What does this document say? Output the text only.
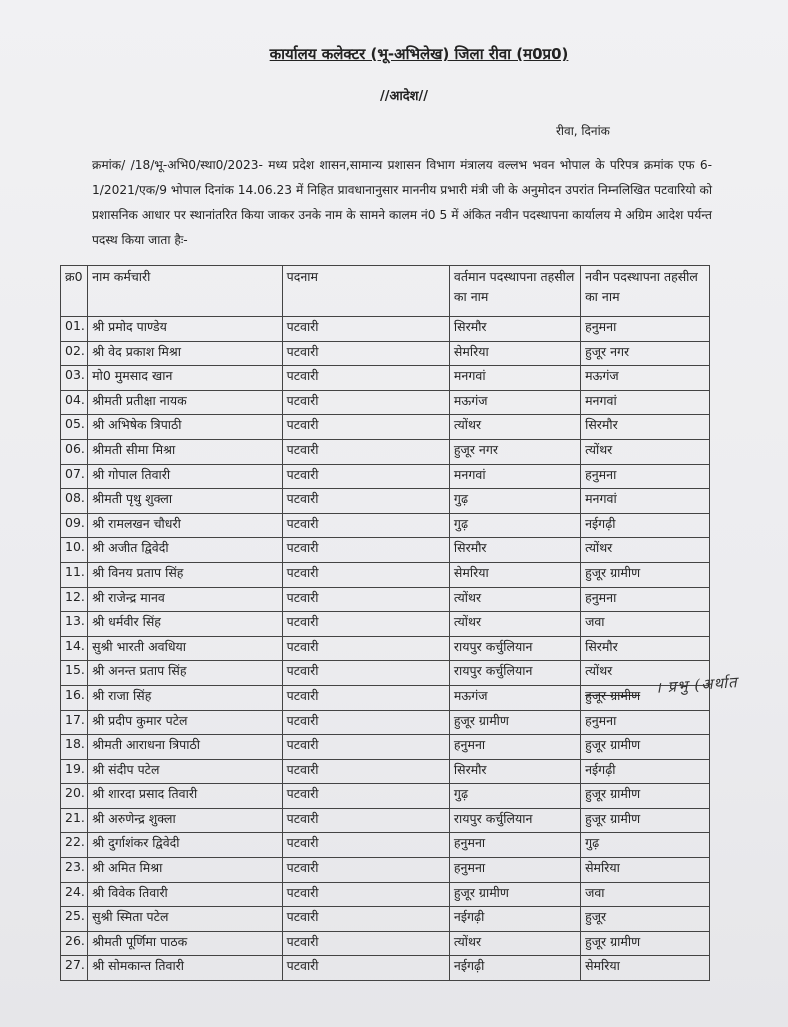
कार्यालय कलेक्टर (भू-अभिलेख) जिला रीवा (म0प्र0)
//आदेश//
रीवा, दिनांक
क्रमांक/ /18/भू-अभि0/स्था0/2023- मध्य प्रदेश शासन,सामान्य प्रशासन विभाग मंत्रालय वल्लभ भवन भोपाल के परिपत्र क्रमांक एफ 6-1/2021/एक/9 भोपाल दिनांक 14.06.23 में निहित प्रावधानानुसार माननीय प्रभारी मंत्री जी के अनुमोदन उपरांत निम्नलिखित पटवारियो को प्रशासनिक आधार पर स्थानांतरित किया जाकर उनके नाम के सामने कालम नं0 5 में अंकित नवीन पदस्थापना कार्यालय मे अग्रिम आदेश पर्यन्त पदस्थ किया जाता हैः-
क्र0	नाम कर्मचारी	पदनाम	वर्तमान पदस्थापना तहसील का नाम	नवीन पदस्थापना तहसील का नाम
01.	श्री प्रमोद पाण्डेय	पटवारी	सिरमौर	हनुमना
02.	श्री वेद प्रकाश मिश्रा	पटवारी	सेमरिया	हुजूर नगर
03.	मो0 मुमसाद खान	पटवारी	मनगवां	मऊगंज
04.	श्रीमती प्रतीक्षा नायक	पटवारी	मऊगंज	मनगवां
05.	श्री अभिषेक त्रिपाठी	पटवारी	त्योंथर	सिरमौर
06.	श्रीमती सीमा मिश्रा	पटवारी	हुजूर नगर	त्योंथर
07.	श्री गोपाल तिवारी	पटवारी	मनगवां	हनुमना
08.	श्रीमती पृथु शुक्ला	पटवारी	गुढ़	मनगवां
09.	श्री रामलखन चौधरी	पटवारी	गुढ़	नईगढ़ी
10.	श्री अजीत द्विवेदी	पटवारी	सिरमौर	त्योंथर
11.	श्री विनय प्रताप सिंह	पटवारी	सेमरिया	हुजूर ग्रामीण
12.	श्री राजेन्द्र मानव	पटवारी	त्योंथर	हनुमना
13.	श्री धर्मवीर सिंह	पटवारी	त्योंथर	जवा
14.	सुश्री भारती अवधिया	पटवारी	रायपुर कर्चुलियान	सिरमौर
15.	श्री अनन्त प्रताप सिंह	पटवारी	रायपुर कर्चुलियान	त्योंथर
16.	श्री राजा सिंह	पटवारी	मऊगंज	हुजूर ग्रामीण
17.	श्री प्रदीप कुमार पटेल	पटवारी	हुजूर ग्रामीण	हनुमना
18.	श्रीमती आराधना त्रिपाठी	पटवारी	हनुमना	हुजूर ग्रामीण
19.	श्री संदीप पटेल	पटवारी	सिरमौर	नईगढ़ी
20.	श्री शारदा प्रसाद तिवारी	पटवारी	गुढ़	हुजूर ग्रामीण
21.	श्री अरुणेन्द्र शुक्ला	पटवारी	रायपुर कर्चुलियान	हुजूर ग्रामीण
22.	श्री दुर्गाशंकर द्विवेदी	पटवारी	हनुमना	गुढ़
23.	श्री अमित मिश्रा	पटवारी	हनुमना	सेमरिया
24.	श्री विवेक तिवारी	पटवारी	हुजूर ग्रामीण	जवा
25.	सुश्री स्मिता पटेल	पटवारी	नईगढ़ी	हुजूर
26.	श्रीमती पूर्णिमा पाठक	पटवारी	त्योंथर	हुजूर ग्रामीण
27.	श्री सोमकान्त तिवारी	पटवारी	नईगढ़ी	सेमरिया
। प्रभु (अर्थात
